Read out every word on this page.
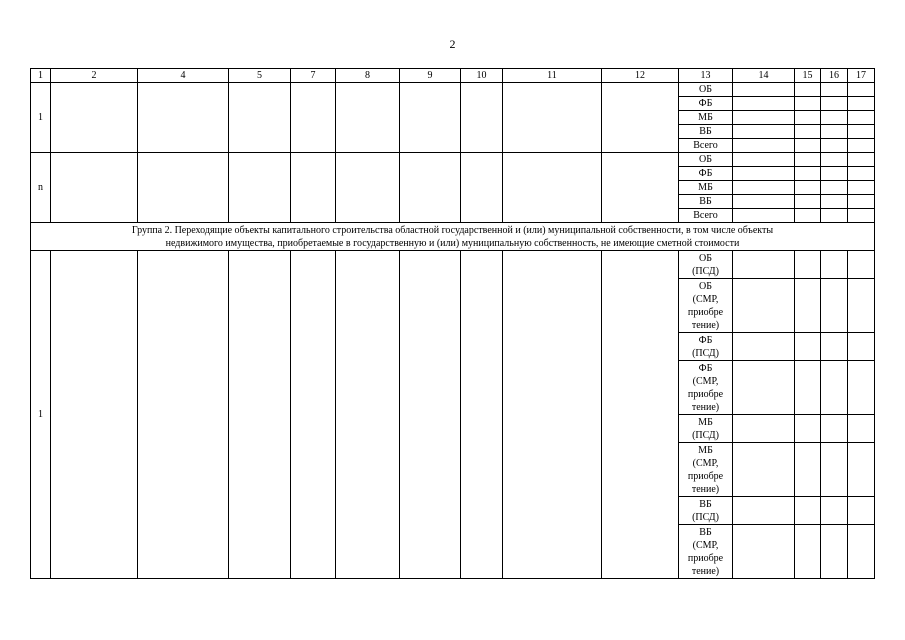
2
1	2	4	5	7	8	9	10	11	12	13	14	15	16	17
1										ОБ				
										ФБ				
										МБ				
										ВБ				
										Всего				
n										ОБ				
										ФБ				
										МБ				
										ВБ				
										Всего				

Группа 2. Переходящие объекты капитального строительства областной государственной и (или) муниципальной собственности, в том числе объекты
недвижимого имущества, приобретаемые в государственную и (или) муниципальную собственность, не имеющие сметной стоимости														

1										ОБ
(ПСД)				

										ОБ
(СМР,
приобре
тение)				

										ФБ
(ПСД)				

										ФБ
(СМР,
приобре
тение)				

										МБ
(ПСД)				

										МБ
(СМР,
приобре
тение)				

										ВБ
(ПСД)				

										ВБ
(СМР,
приобре
тение)				
